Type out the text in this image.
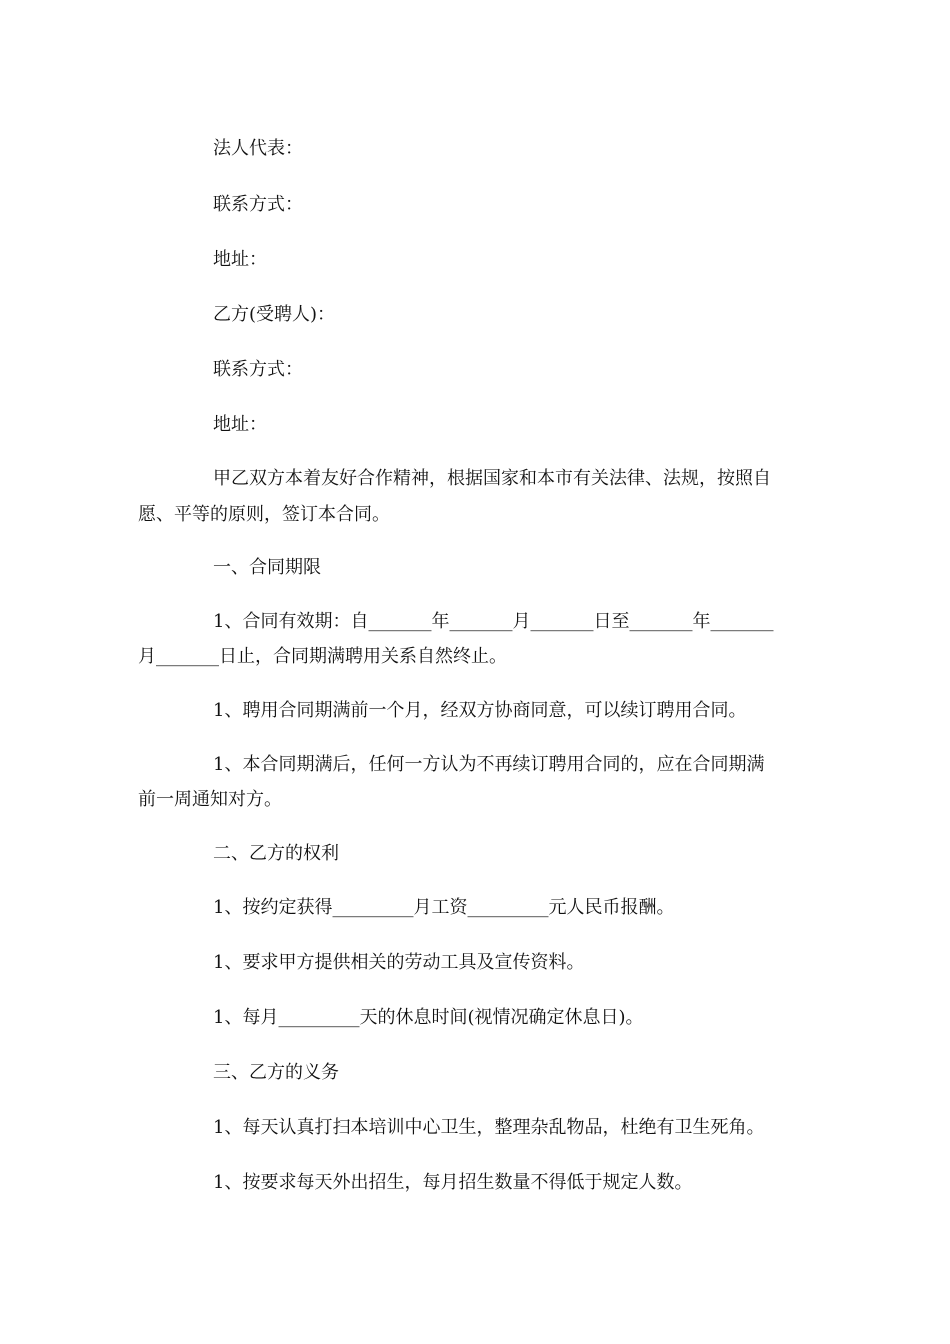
法人代表：

联系方式：

地址：

乙方(受聘人)：

联系方式：

地址：

甲乙双方本着友好合作精神，根据国家和本市有关法律、法规，按照自

愿、平等的原则，签订本合同。

一、合同期限

1、合同有效期：自_______年_______月_______日至_______年_______

月_______日止，合同期满聘用关系自然终止。

1、聘用合同期满前一个月，经双方协商同意，可以续订聘用合同。

1、本合同期满后，任何一方认为不再续订聘用合同的，应在合同期满

前一周通知对方。

二、乙方的权利

1、按约定获得_________月工资_________元人民币报酬。

1、要求甲方提供相关的劳动工具及宣传资料。

1、每月_________天的休息时间(视情况确定休息日)。

三、乙方的义务

1、每天认真打扫本培训中心卫生，整理杂乱物品，杜绝有卫生死角。

1、按要求每天外出招生，每月招生数量不得低于规定人数。
